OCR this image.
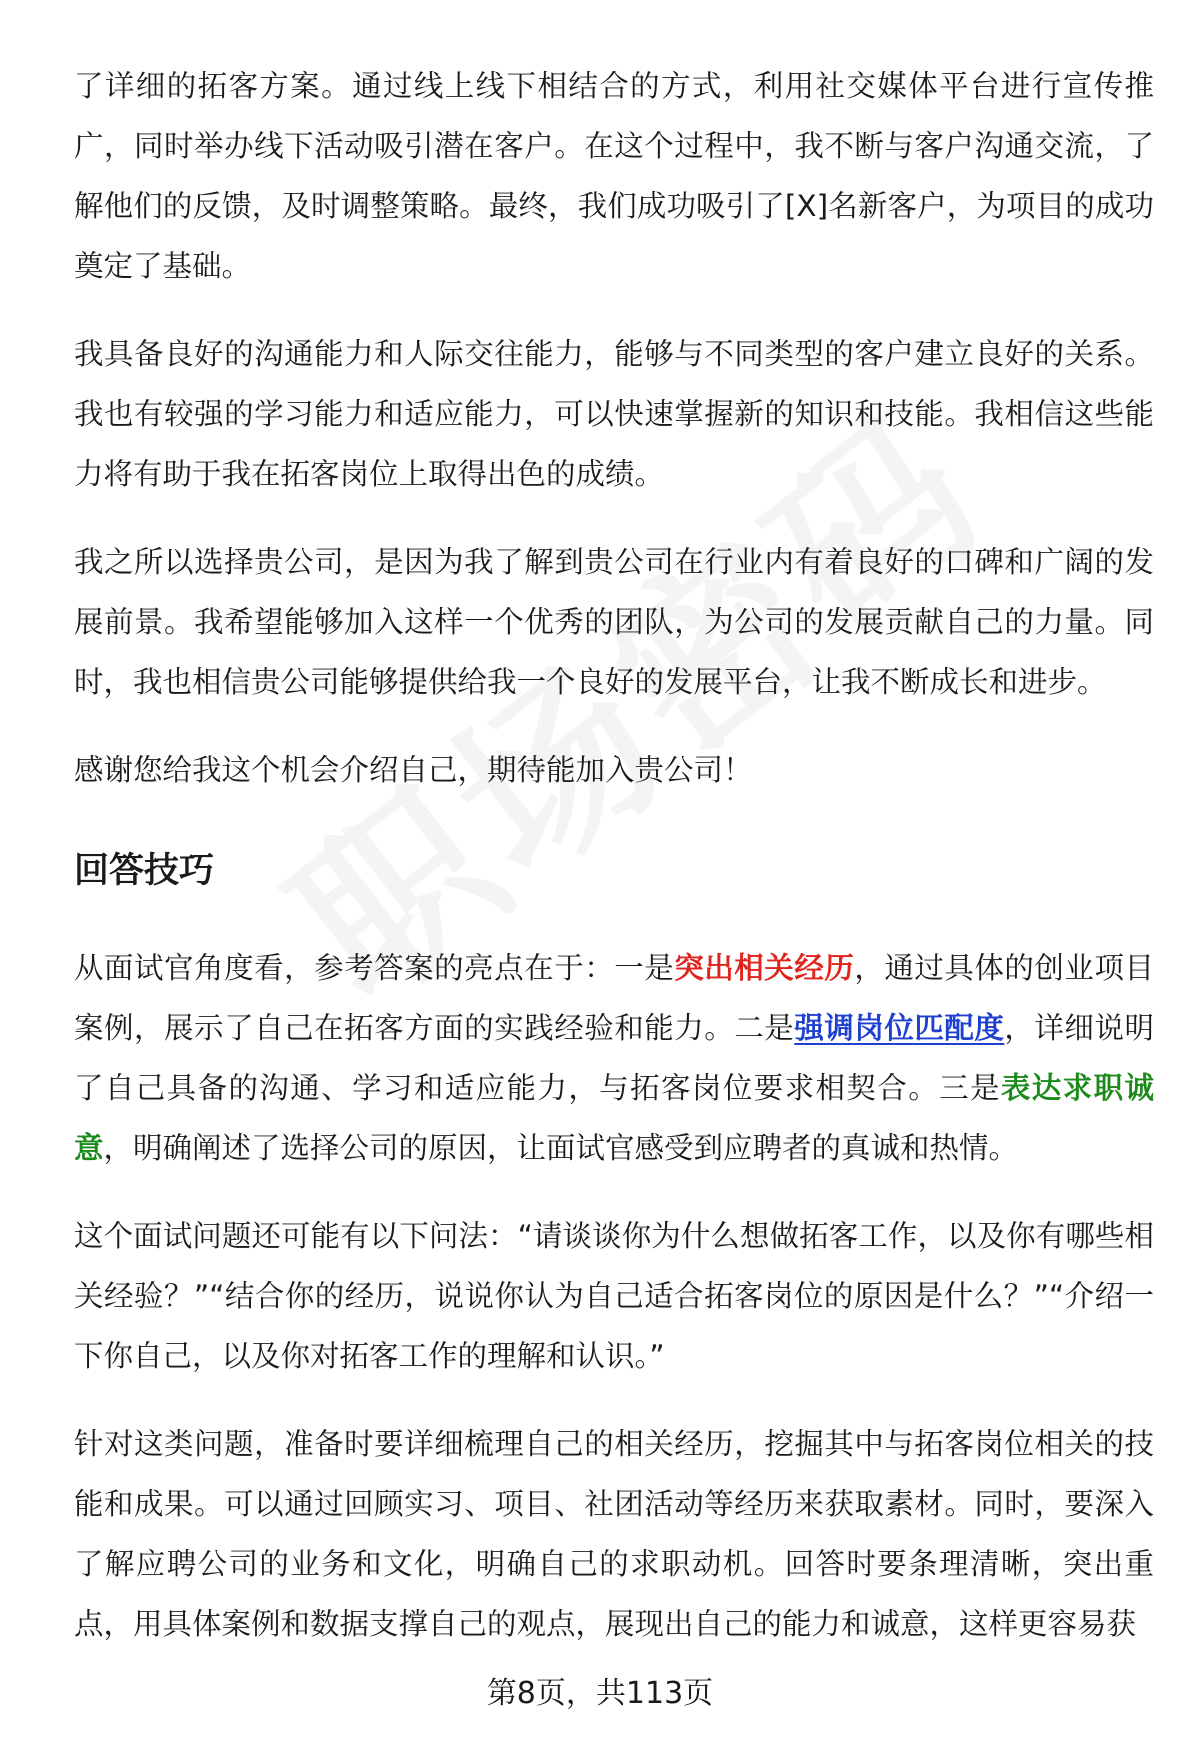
了详细的拓客方案。通过线上线下相结合的方式，利用社交媒体平台进行宣传推广，同时举办线下活动吸引潜在客户。在这个过程中，我不断与客户沟通交流，了解他们的反馈，及时调整策略。最终，我们成功吸引了[X]名新客户，为项目的成功奠定了基础。

我具备良好的沟通能力和人际交往能力，能够与不同类型的客户建立良好的关系。我也有较强的学习能力和适应能力，可以快速掌握新的知识和技能。我相信这些能力将有助于我在拓客岗位上取得出色的成绩。

我之所以选择贵公司，是因为我了解到贵公司在行业内有着良好的口碑和广阔的发展前景。我希望能够加入这样一个优秀的团队，为公司的发展贡献自己的力量。同时，我也相信贵公司能够提供给我一个良好的发展平台，让我不断成长和进步。

感谢您给我这个机会介绍自己，期待能加入贵公司！

回答技巧

从面试官角度看，参考答案的亮点在于：一是突出相关经历，通过具体的创业项目案例，展示了自己在拓客方面的实践经验和能力。二是强调岗位匹配度，详细说明了自己具备的沟通、学习和适应能力，与拓客岗位要求相契合。三是表达求职诚意，明确阐述了选择公司的原因，让面试官感受到应聘者的真诚和热情。

这个面试问题还可能有以下问法：“请谈谈你为什么想做拓客工作，以及你有哪些相关经验？”“结合你的经历，说说你认为自己适合拓客岗位的原因是什么？”“介绍一下你自己，以及你对拓客工作的理解和认识。”

针对这类问题，准备时要详细梳理自己的相关经历，挖掘其中与拓客岗位相关的技能和成果。可以通过回顾实习、项目、社团活动等经历来获取素材。同时，要深入了解应聘公司的业务和文化，明确自己的求职动机。回答时要条理清晰，突出重点，用具体案例和数据支撑自己的观点，展现出自己的能力和诚意，这样更容易获

第8页，共113页
